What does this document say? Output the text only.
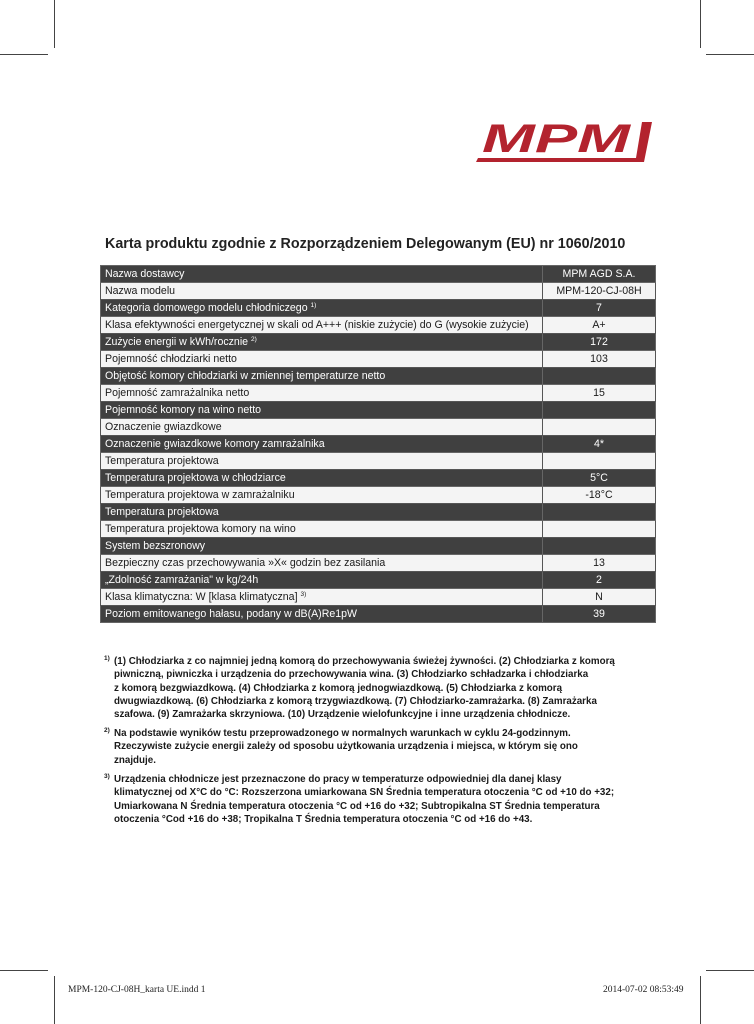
MPM
Karta produktu zgodnie z Rozporządzeniem Delegowanym (EU) nr 1060/2010
Nazwa dostawcy	MPM AGD S.A.
Nazwa modelu	MPM-120-CJ-08H
Kategoria domowego modelu chłodniczego $^{1)}$	7
Klasa efektywności energetycznej w skali od A+++ (niskie zużycie) do G (wysokie zużycie)	A+
Zużycie energii w kWh/rocznie $^{2)}$	172
Pojemność chłodziarki netto	103
Objętość komory chłodziarki w zmiennej temperaturze netto	
Pojemność zamrażalnika netto	15
Pojemność komory na wino netto	
Oznaczenie gwiazdkowe	
Oznaczenie gwiazdkowe komory zamrażalnika	4*
Temperatura projektowa	
Temperatura projektowa w chłodziarce	5°C
Temperatura projektowa w zamrażalniku	-18°C
Temperatura projektowa	
Temperatura projektowa komory na wino	
System bezszronowy	
Bezpieczny czas przechowywania »X« godzin bez zasilania	13
„Zdolność zamrażania" w kg/24h	2
Klasa klimatyczna: W [klasa klimatyczna] $^{3)}$	N
Poziom emitowanego hałasu, podany w dB(A)Re1pW	39
1) (1) Chłodziarka z co najmniej jedną komorą do przechowywania świeżej żywności. (2) Chłodziarka z komorą
piwniczną, piwniczka i urządzenia do przechowywania wina. (3) Chłodziarko schładzarka i chłodziarka
z komorą bezgwiazdkową. (4) Chłodziarka z komorą jednogwiazdkową. (5) Chłodziarka z komorą
dwugwiazdkową. (6) Chłodziarka z komorą trzygwiazdkową. (7) Chłodziarko-zamrażarka. (8) Zamrażarka
szafowa. (9) Zamrażarka skrzyniowa. (10) Urządzenie wielofunkcyjne i inne urządzenia chłodnicze.
2) Na podstawie wyników testu przeprowadzonego w normalnych warunkach w cyklu 24-godzinnym.
Rzeczywiste zużycie energii zależy od sposobu użytkowania urządzenia i miejsca, w którym się ono
znajduje.
3) Urządzenia chłodnicze jest przeznaczone do pracy w temperaturze odpowiedniej dla danej klasy
klimatycznej od X°C do °C: Rozszerzona umiarkowana SN Średnia temperatura otoczenia °C od +10 do +32;
Umiarkowana N Średnia temperatura otoczenia °C od +16 do +32; Subtropikalna ST Średnia temperatura
otoczenia °Cod +16 do +38; Tropikalna T Średnia temperatura otoczenia °C od +16 do +43.
MPM-120-CJ-08H_karta UE.indd 1	2014-07-02 08:53:49
